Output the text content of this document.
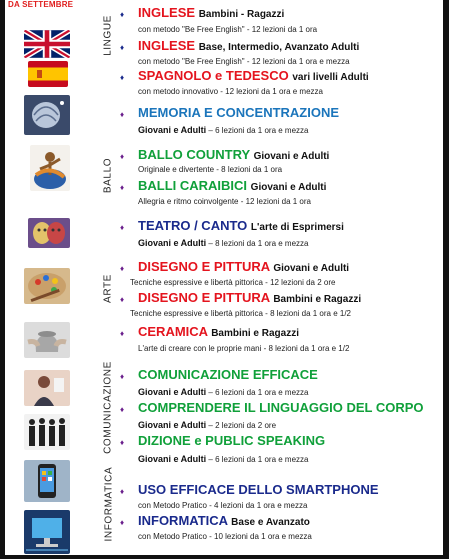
DA SETTEMBRE
LINGUE
BALLO
ARTE
COMUNICAZIONE
INFORMATICA
♦ INGLESE Bambini - Ragazzi
con metodo "Be Free English" - 12 lezioni da 1 ora
♦ INGLESE Base, Intermedio, Avanzato Adulti
con metodo "Be Free English" - 12 lezioni da 1 ora e mezza
♦ SPAGNOLO e TEDESCO vari livelli Adulti
con metodo innovativo - 12 lezioni da 1 ora e mezza
♦ MEMORIA E CONCENTRAZIONE
Giovani e Adulti – 6 lezioni da 1 ora e mezza
♦ BALLO COUNTRY Giovani e Adulti
Originale e divertente - 8 lezioni da 1 ora
♦ BALLI CARAIBICI Giovani e Adulti
Allegria e ritmo coinvolgente - 12 lezioni da 1 ora
♦ TEATRO / CANTO L'arte di Esprimersi
Giovani e Adulti – 8 lezioni da 1 ora e mezza
♦ DISEGNO E PITTURA Giovani e Adulti
Tecniche espressive e libertà pittorica - 12 lezioni da 2 ore
♦ DISEGNO E PITTURA Bambini e Ragazzi
Tecniche espressive e libertà pittorica - 8 lezioni da 1 ora e 1/2
♦ CERAMICA Bambini e Ragazzi
L'arte di creare con le proprie mani - 8 lezioni da 1 ora e 1/2
♦ COMUNICAZIONE EFFICACE
Giovani e Adulti – 6 lezioni da 1 ora e mezza
♦ COMPRENDERE IL LINGUAGGIO DEL CORPO
Giovani e Adulti – 2 lezioni da 2 ore
♦ DIZIONE e PUBLIC SPEAKING
Giovani e Adulti – 6 lezioni da 1 ora e mezza
♦ USO EFFICACE DELLO SMARTPHONE
con Metodo Pratico - 4 lezioni da 1 ora e mezza
♦ INFORMATICA Base e Avanzato
con Metodo Pratico - 10 lezioni da 1 ora e mezza
